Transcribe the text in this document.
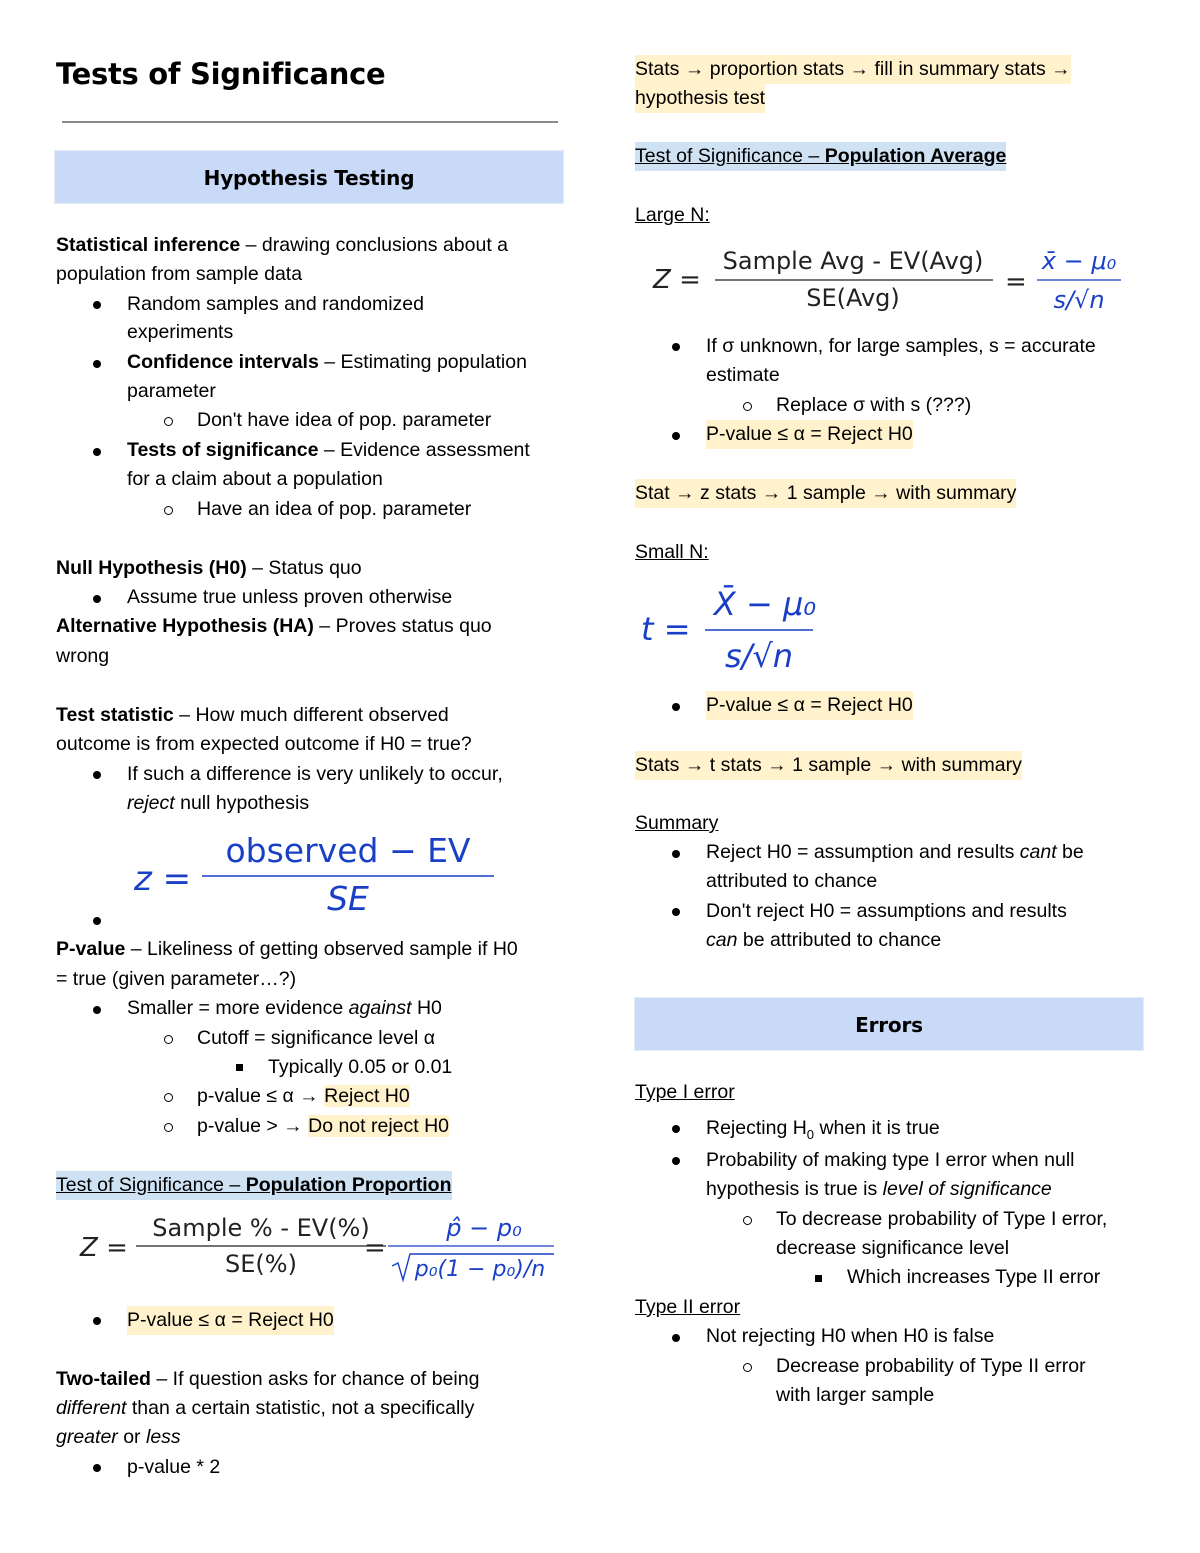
Tests of Significance
Hypothesis Testing
Statistical inference – drawing conclusions about a
population from sample data
Random samples and randomized
experiments
Confidence intervals – Estimating population
parameter
Don't have idea of pop. parameter
Tests of significance – Evidence assessment
for a claim about a population
Have an idea of pop. parameter
Null Hypothesis (H0) – Status quo
Assume true unless proven otherwise
Alternative Hypothesis (HA) – Proves status quo
wrong
Test statistic – How much different observed
outcome is from expected outcome if H0 = true?
If such a difference is very unlikely to occur,
reject null hypothesis
z =
observed − EV
SE
P-value – Likeliness of getting observed sample if H0
= true (given parameter…?)
Smaller = more evidence against H0
Cutoff = significance level α
Typically 0.05 or 0.01
p-value ≤ α → Reject H0
p-value > → Do not reject H0
Test of Significance – Population Proportion
Z =
Sample % - EV(%)
SE(%)
=
p̂ − p₀
p₀(1 − p₀)/n
P-value ≤ α = Reject H0
Two-tailed – If question asks for chance of being
different than a certain statistic, not a specifically
greater or less
p-value * 2
Stats → proportion stats → fill in summary stats →
hypothesis test
Test of Significance – Population Average
Large N:
Z =
Sample Avg - EV(Avg)
SE(Avg)
=
x̄ − μ₀
s/√n
If σ unknown, for large samples, s = accurate
estimate
Replace σ with s (???)
P-value ≤ α = Reject H0
Stat → z stats → 1 sample → with summary
Small N:
t =
X̄ − μ₀
s/√n
P-value ≤ α = Reject H0
Stats → t stats → 1 sample → with summary
Summary
Reject H0 = assumption and results cant be
attributed to chance
Don't reject H0 = assumptions and results
can be attributed to chance
Errors
Type I error
Rejecting $H_0$ when it is true
Probability of making type I error when null
hypothesis is true is level of significance
To decrease probability of Type I error,
decrease significance level
Which increases Type II error
Type II error
Not rejecting H0 when H0 is false
Decrease probability of Type II error
with larger sample
